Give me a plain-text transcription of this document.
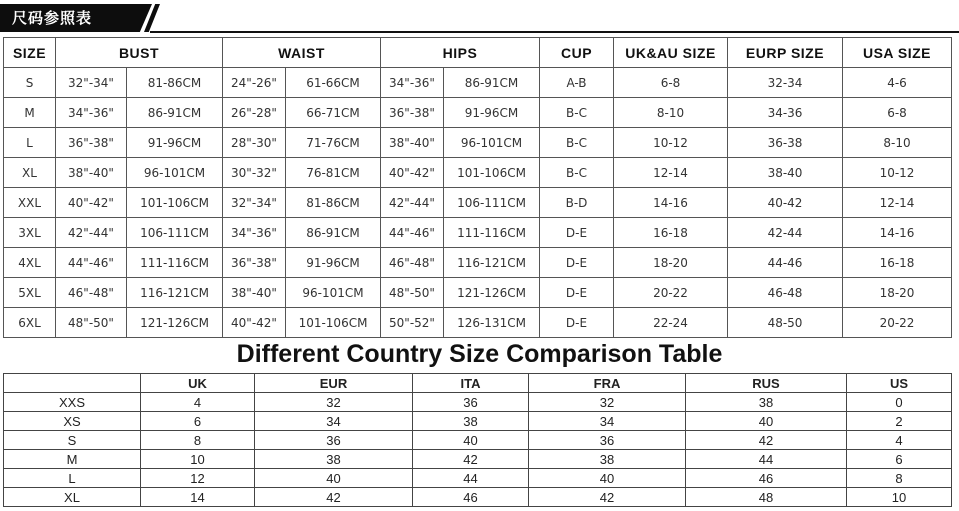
尺码参照表
SIZE	BUST		WAIST		HIPS		CUP	UK&AU SIZE	EURP SIZE	USA SIZE
S	32"-34"	81-86CM	24"-26"	61-66CM	34"-36"	86-91CM	A-B	6-8	32-34	4-6
M	34"-36"	86-91CM	26"-28"	66-71CM	36"-38"	91-96CM	B-C	8-10	34-36	6-8
L	36"-38"	91-96CM	28"-30"	71-76CM	38"-40"	96-101CM	B-C	10-12	36-38	8-10
XL	38"-40"	96-101CM	30"-32"	76-81CM	40"-42"	101-106CM	B-C	12-14	38-40	10-12
XXL	40"-42"	101-106CM	32"-34"	81-86CM	42"-44"	106-111CM	B-D	14-16	40-42	12-14
3XL	42"-44"	106-111CM	34"-36"	86-91CM	44"-46"	111-116CM	D-E	16-18	42-44	14-16
4XL	44"-46"	111-116CM	36"-38"	91-96CM	46"-48"	116-121CM	D-E	18-20	44-46	16-18
5XL	46"-48"	116-121CM	38"-40"	96-101CM	48"-50"	121-126CM	D-E	20-22	46-48	18-20
6XL	48"-50"	121-126CM	40"-42"	101-106CM	50"-52"	126-131CM	D-E	22-24	48-50	20-22
Different Country Size Comparison Table
	UK	EUR	ITA	FRA	RUS	US
XXS	4	32	36	32	38	0
XS	6	34	38	34	40	2
S	8	36	40	36	42	4
M	10	38	42	38	44	6
L	12	40	44	40	46	8
XL	14	42	46	42	48	10
